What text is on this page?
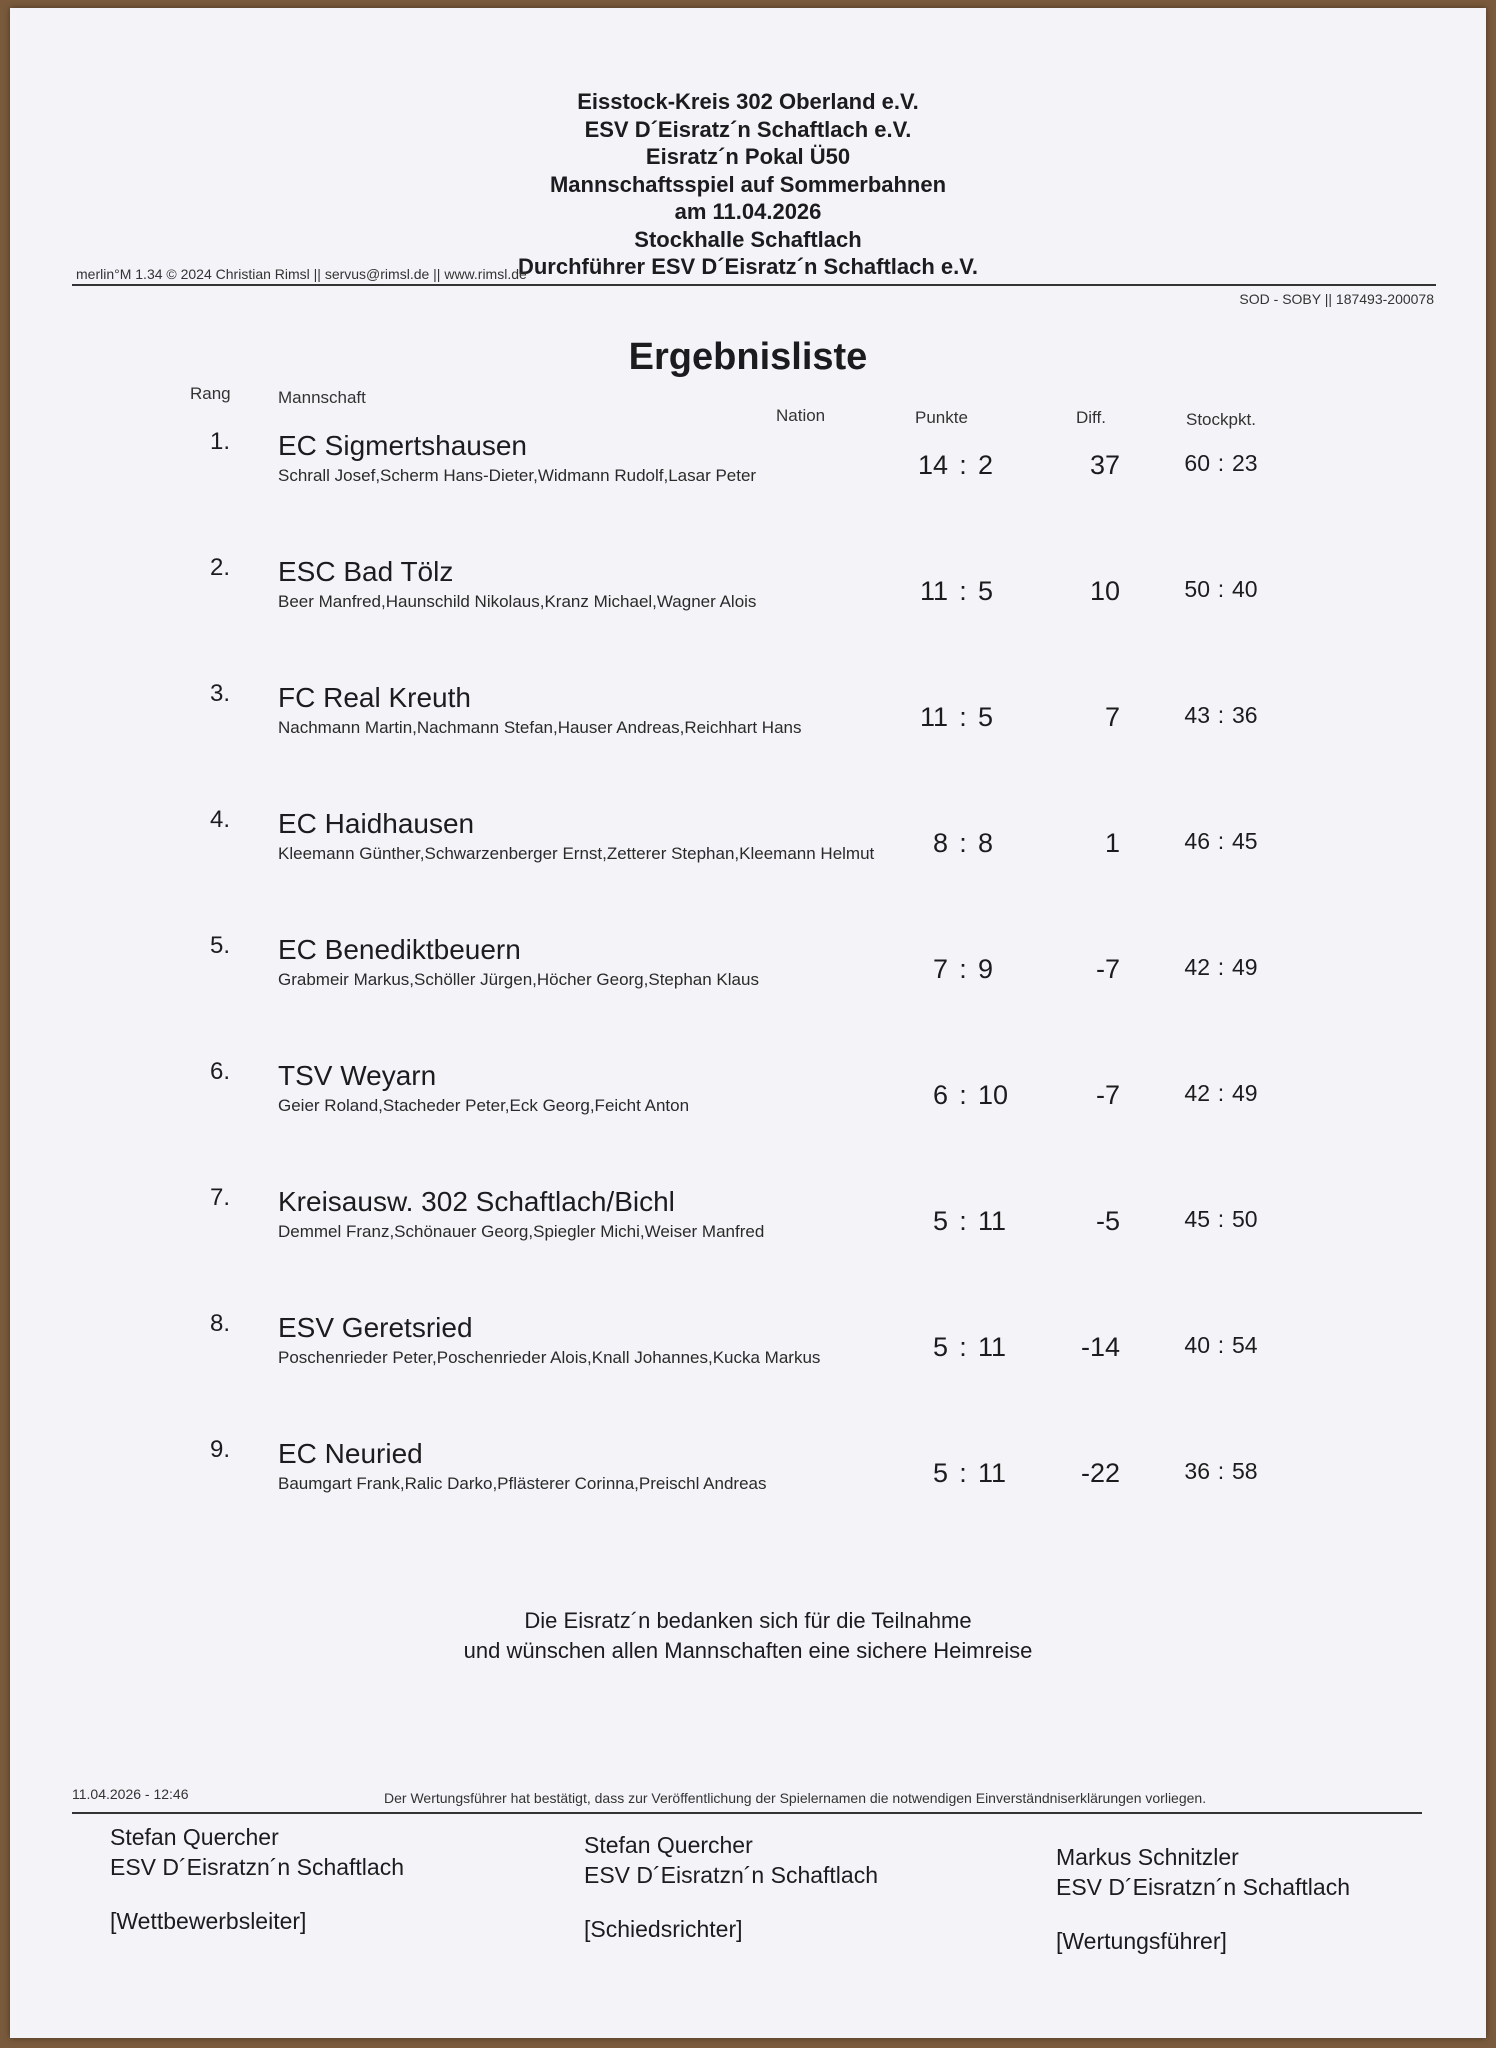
Eisstock-Kreis 302 Oberland e.V.
ESV D´Eisratz´n Schaftlach e.V.
Eisratz´n Pokal Ü50
Mannschaftsspiel auf Sommerbahnen
am 11.04.2026
Stockhalle Schaftlach
Durchführer ESV D´Eisratz´n Schaftlach e.V.
merlin°M 1.34 © 2024 Christian Rimsl || servus@rimsl.de || www.rimsl.de
SOD - SOBY || 187493-200078
Ergebnisliste
Rang	Mannschaft
Nation	Punkte	Diff.	Stockpkt.
1. EC Sigmertshausen
Schrall Josef,Scherm Hans-Dieter,Widmann Rudolf,Lasar Peter	14 : 2	37	60 : 23
2. ESC Bad Tölz
Beer Manfred,Haunschild Nikolaus,Kranz Michael,Wagner Alois	11 : 5	10	50 : 40
3. FC Real Kreuth
Nachmann Martin,Nachmann Stefan,Hauser Andreas,Reichhart Hans	11 : 5	7	43 : 36
4. EC Haidhausen
Kleemann Günther,Schwarzenberger Ernst,Zetterer Stephan,Kleemann Helmut	8 : 8	1	46 : 45
5. EC Benediktbeuern
Grabmeir Markus,Schöller Jürgen,Höcher Georg,Stephan Klaus	7 : 9	-7	42 : 49
6. TSV Weyarn
Geier Roland,Stacheder Peter,Eck Georg,Feicht Anton	6 : 10	-7	42 : 49
7. Kreisausw. 302 Schaftlach/Bichl
Demmel Franz,Schönauer Georg,Spiegler Michi,Weiser Manfred	5 : 11	-5	45 : 50
8. ESV Geretsried
Poschenrieder Peter,Poschenrieder Alois,Knall Johannes,Kucka Markus	5 : 11	-14	40 : 54
9. EC Neuried
Baumgart Frank,Ralic Darko,Pflästerer Corinna,Preischl Andreas	5 : 11	-22	36 : 58
Die Eisratz´n bedanken sich für die Teilnahme
und wünschen allen Mannschaften eine sichere Heimreise
11.04.2026 - 12:46	Der Wertungsführer hat bestätigt, dass zur Veröffentlichung der Spielernamen die notwendigen Einverständniserklärungen vorliegen.
Stefan Quercher
ESV D´Eisratzn´n Schaftlach
[Wettbewerbsleiter]
Stefan Quercher
ESV D´Eisratzn´n Schaftlach
[Schiedsrichter]
Markus Schnitzler
ESV D´Eisratzn´n Schaftlach
[Wertungsführer]
